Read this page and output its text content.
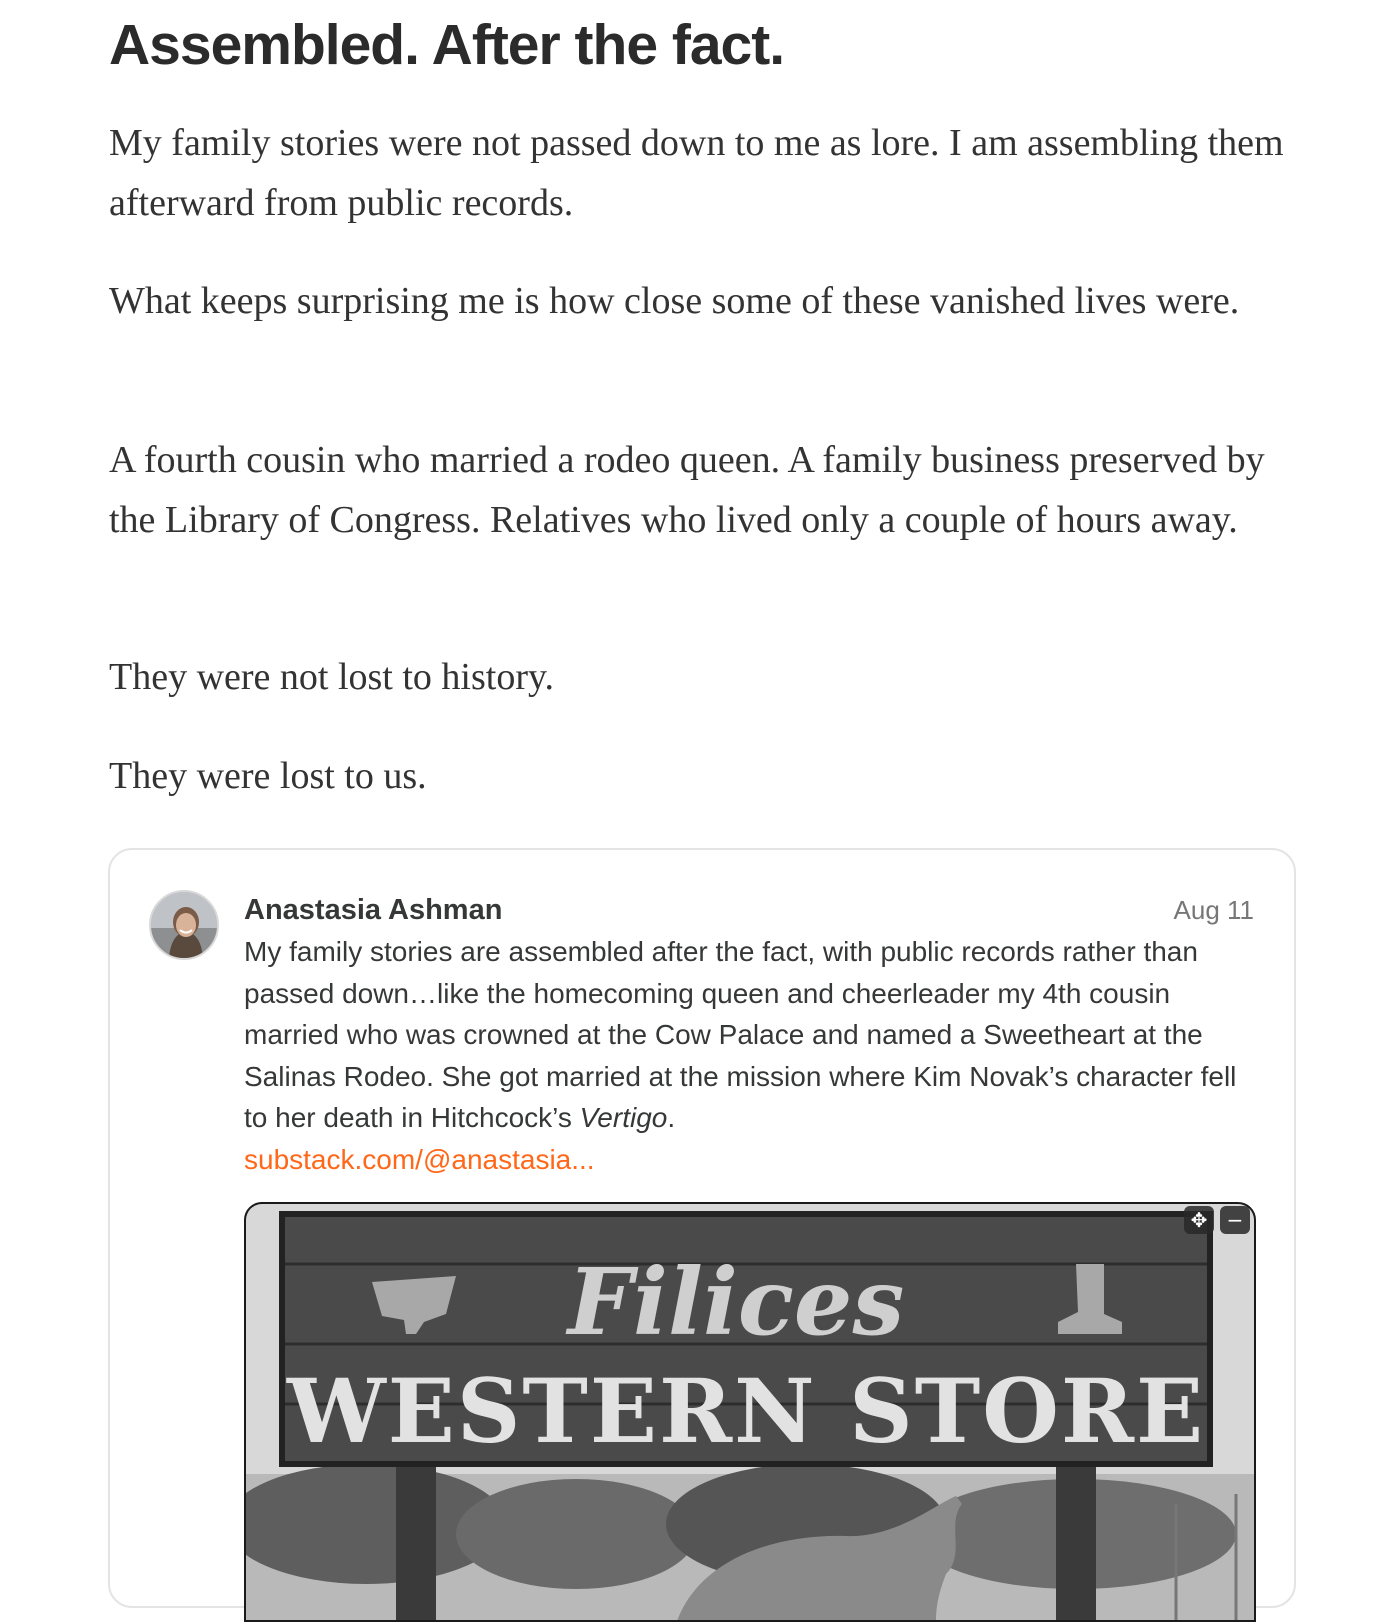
Assembled. After the fact.

My family stories were not passed down to me as lore. I am assembling them afterward from public records.

What keeps surprising me is how close some of these vanished lives were.

A fourth cousin who married a rodeo queen. A family business preserved by the Library of Congress. Relatives who lived only a couple of hours away.

They were not lost to history.

They were lost to us.

Anastasia Ashman	Aug 11

My family stories are assembled after the fact, with public records rather than passed down…like the homecoming queen and cheerleader my 4th cousin married who was crowned at the Cow Palace and named a Sweetheart at the Salinas Rodeo. She got married at the mission where Kim Novak’s character fell to her death in Hitchcock’s Vertigo.
substack.com/@anastasia...

Filices
WESTERN STORE
✥ −
